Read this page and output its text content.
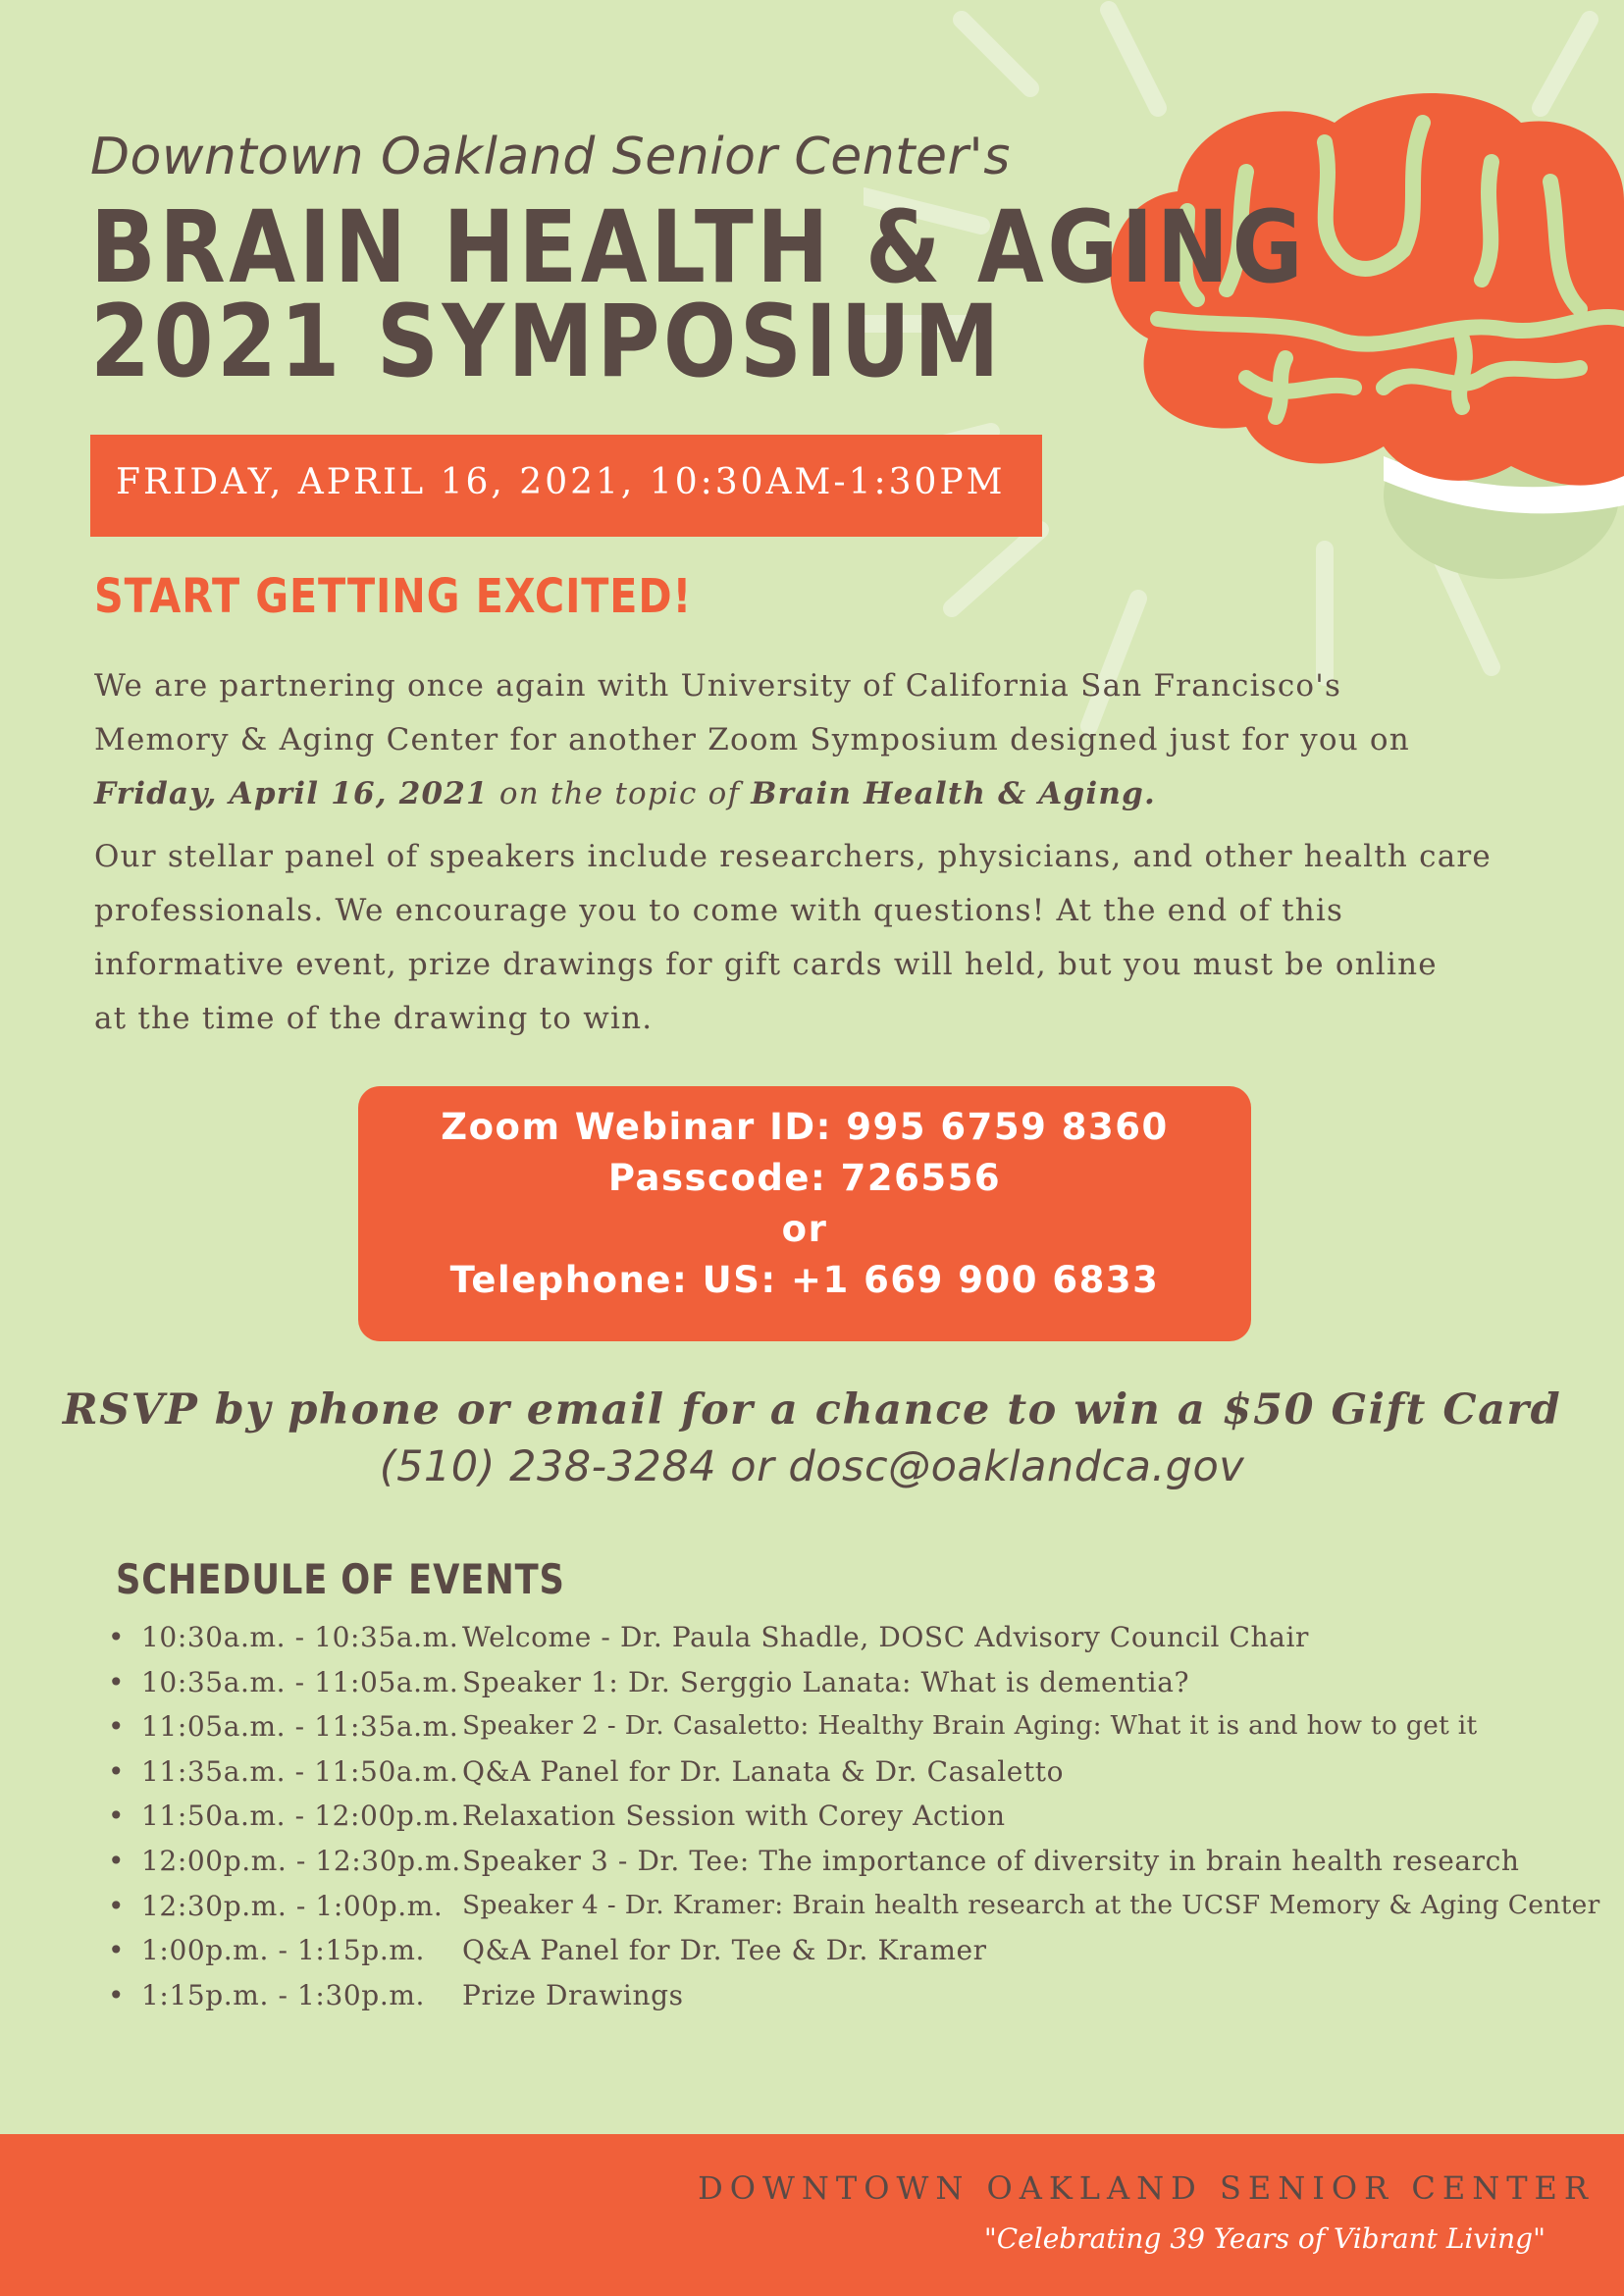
Downtown Oakland Senior Center's
BRAIN HEALTH & AGING
2021 SYMPOSIUM
FRIDAY, APRIL 16, 2021, 10:30AM-1:30PM
START GETTING EXCITED!
We are partnering once again with University of California San Francisco's
Memory & Aging Center for another Zoom Symposium designed just for you on
Friday, April 16, 2021 on the topic of Brain Health & Aging.
Our stellar panel of speakers include researchers, physicians, and other health care
professionals. We encourage you to come with questions! At the end of this
informative event, prize drawings for gift cards will held, but you must be online
at the time of the drawing to win.
Zoom Webinar ID: 995 6759 8360
Passcode: 726556
or
Telephone: US: +1 669 900 6833
RSVP by phone or email for a chance to win a $50 Gift Card
(510) 238-3284 or dosc@oaklandca.gov
SCHEDULE OF EVENTS
• 10:30a.m. - 10:35a.m. Welcome - Dr. Paula Shadle, DOSC Advisory Council Chair
• 10:35a.m. - 11:05a.m. Speaker 1: Dr. Serggio Lanata: What is dementia?
• 11:05a.m. - 11:35a.m. Speaker 2 - Dr. Casaletto: Healthy Brain Aging: What it is and how to get it
• 11:35a.m. - 11:50a.m. Q&A Panel for Dr. Lanata & Dr. Casaletto
• 11:50a.m. - 12:00p.m. Relaxation Session with Corey Action
• 12:00p.m. - 12:30p.m. Speaker 3 - Dr. Tee: The importance of diversity in brain health research
• 12:30p.m. - 1:00p.m. Speaker 4 - Dr. Kramer: Brain health research at the UCSF Memory & Aging Center
• 1:00p.m. - 1:15p.m. Q&A Panel for Dr. Tee & Dr. Kramer
• 1:15p.m. - 1:30p.m. Prize Drawings
DOWNTOWN OAKLAND SENIOR CENTER
"Celebrating 39 Years of Vibrant Living"
